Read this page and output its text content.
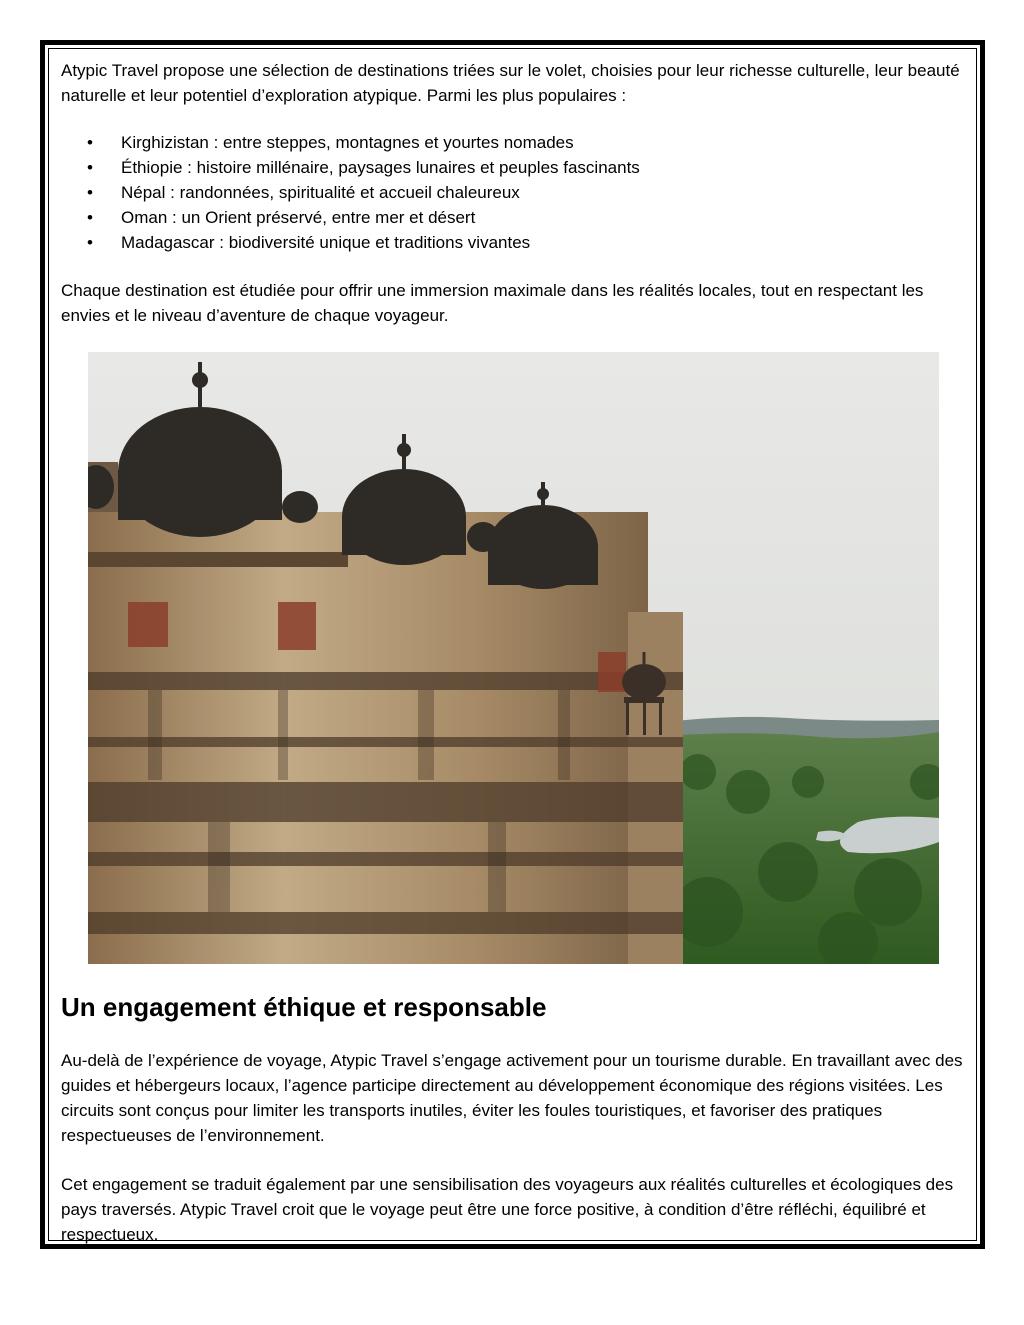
Atypic Travel propose une sélection de destinations triées sur le volet, choisies pour leur richesse culturelle, leur beauté naturelle et leur potentiel d’exploration atypique. Parmi les plus populaires :

• Kirghizistan : entre steppes, montagnes et yourtes nomades
• Éthiopie : histoire millénaire, paysages lunaires et peuples fascinants
• Népal : randonnées, spiritualité et accueil chaleureux
• Oman : un Orient préservé, entre mer et désert
• Madagascar : biodiversité unique et traditions vivantes

Chaque destination est étudiée pour offrir une immersion maximale dans les réalités locales, tout en respectant les envies et le niveau d’aventure de chaque voyageur.

Un engagement éthique et responsable

Au-delà de l’expérience de voyage, Atypic Travel s’engage activement pour un tourisme durable. En travaillant avec des guides et hébergeurs locaux, l’agence participe directement au développement économique des régions visitées. Les circuits sont conçus pour limiter les transports inutiles, éviter les foules touristiques, et favoriser des pratiques respectueuses de l’environnement.

Cet engagement se traduit également par une sensibilisation des voyageurs aux réalités culturelles et écologiques des pays traversés. Atypic Travel croit que le voyage peut être une force positive, à condition d’être réfléchi, équilibré et respectueux.
